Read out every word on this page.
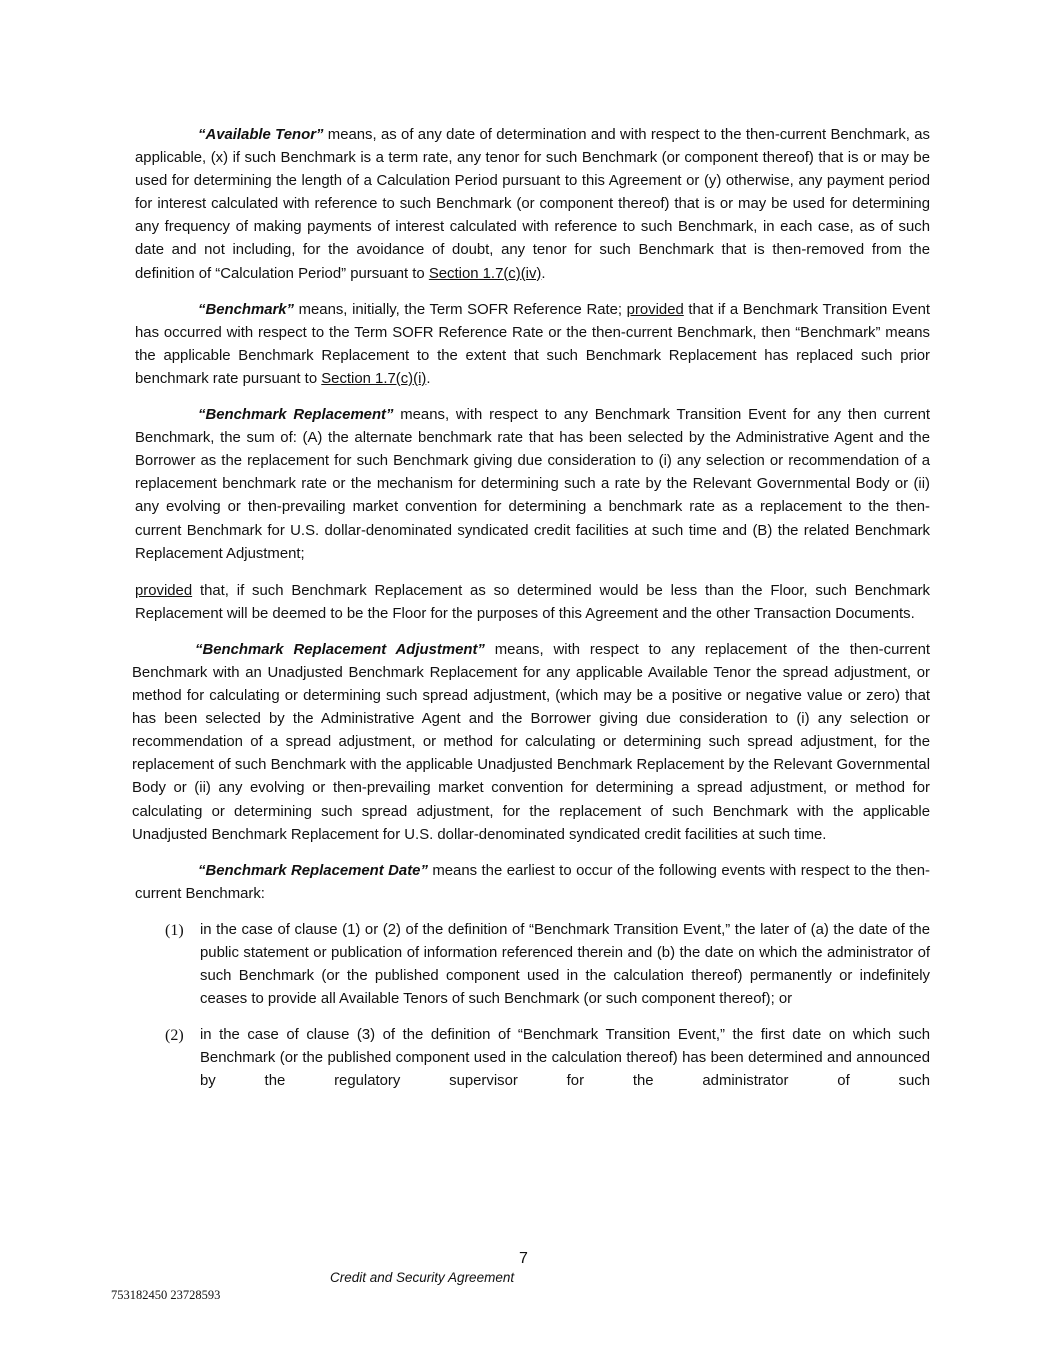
“Available Tenor” means, as of any date of determination and with respect to the then-current Benchmark, as applicable, (x) if such Benchmark is a term rate, any tenor for such Benchmark (or component thereof) that is or may be used for determining the length of a Calculation Period pursuant to this Agreement or (y) otherwise, any payment period for interest calculated with reference to such Benchmark (or component thereof) that is or may be used for determining any frequency of making payments of interest calculated with reference to such Benchmark, in each case, as of such date and not including, for the avoidance of doubt, any tenor for such Benchmark that is then-removed from the definition of “Calculation Period” pursuant to Section 1.7(c)(iv).

“Benchmark” means, initially, the Term SOFR Reference Rate; provided that if a Benchmark Transition Event has occurred with respect to the Term SOFR Reference Rate or the then-current Benchmark, then “Benchmark” means the applicable Benchmark Replacement to the extent that such Benchmark Replacement has replaced such prior benchmark rate pursuant to Section 1.7(c)(i).

“Benchmark Replacement” means, with respect to any Benchmark Transition Event for any then current Benchmark, the sum of: (A) the alternate benchmark rate that has been selected by the Administrative Agent and the Borrower as the replacement for such Benchmark giving due consideration to (i) any selection or recommendation of a replacement benchmark rate or the mechanism for determining such a rate by the Relevant Governmental Body or (ii) any evolving or then-prevailing market convention for determining a benchmark rate as a replacement to the then-current Benchmark for U.S. dollar-denominated syndicated credit facilities at such time and (B) the related Benchmark Replacement Adjustment;

provided that, if such Benchmark Replacement as so determined would be less than the Floor, such Benchmark Replacement will be deemed to be the Floor for the purposes of this Agreement and the other Transaction Documents.

“Benchmark Replacement Adjustment” means, with respect to any replacement of the then-current Benchmark with an Unadjusted Benchmark Replacement for any applicable Available Tenor the spread adjustment, or method for calculating or determining such spread adjustment, (which may be a positive or negative value or zero) that has been selected by the Administrative Agent and the Borrower giving due consideration to (i) any selection or recommendation of a spread adjustment, or method for calculating or determining such spread adjustment, for the replacement of such Benchmark with the applicable Unadjusted Benchmark Replacement by the Relevant Governmental Body or (ii) any evolving or then-prevailing market convention for determining a spread adjustment, or method for calculating or determining such spread adjustment, for the replacement of such Benchmark with the applicable Unadjusted Benchmark Replacement for U.S. dollar-denominated syndicated credit facilities at such time.

“Benchmark Replacement Date” means the earliest to occur of the following events with respect to the then-current Benchmark:

(1)	in the case of clause (1) or (2) of the definition of “Benchmark Transition Event,” the later of (a) the date of the public statement or publication of information referenced therein and (b) the date on which the administrator of such Benchmark (or the published component used in the calculation thereof) permanently or indefinitely ceases to provide all Available Tenors of such Benchmark (or such component thereof); or
(2)	in the case of clause (3) of the definition of “Benchmark Transition Event,” the first date on which such Benchmark (or the published component used in the calculation thereof) has been determined and announced by the regulatory supervisor for the administrator of such
7
Credit and Security Agreement
753182450 23728593
